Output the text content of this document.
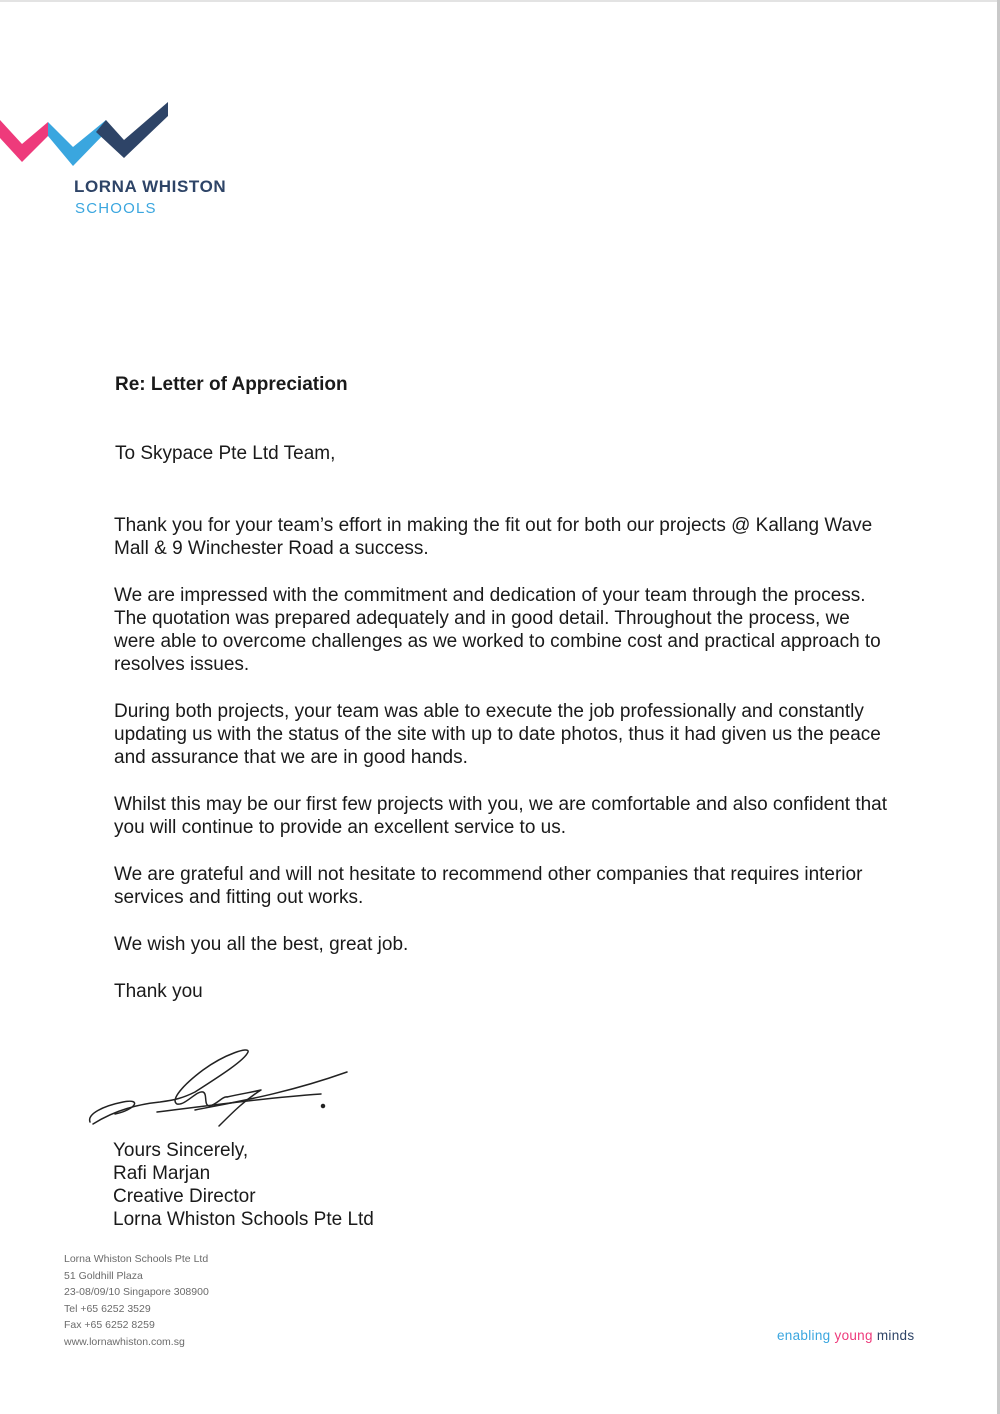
LORNA WHISTON
SCHOOLS
Re: Letter of Appreciation
To Skypace Pte Ltd Team,

Thank you for your team’s effort in making the fit out for both our projects @ Kallang Wave Mall & 9 Winchester Road a success.

We are impressed with the commitment and dedication of your team through the process. The quotation was prepared adequately and in good detail. Throughout the process, we were able to overcome challenges as we worked to combine cost and practical approach to resolves issues.

During both projects, your team was able to execute the job professionally and constantly updating us with the status of the site with up to date photos, thus it had given us the peace and assurance that we are in good hands.

Whilst this may be our first few projects with you, we are comfortable and also confident that you will continue to provide an excellent service to us.

We are grateful and will not hesitate to recommend other companies that requires interior services and fitting out works.

We wish you all the best, great job.

Thank you

Yours Sincerely,
Rafi Marjan
Creative Director
Lorna Whiston Schools Pte Ltd
Lorna Whiston Schools Pte Ltd
51 Goldhill Plaza
23-08/09/10 Singapore 308900
Tel +65 6252 3529
Fax +65 6252 8259
www.lornawhiston.com.sg	enabling young minds
